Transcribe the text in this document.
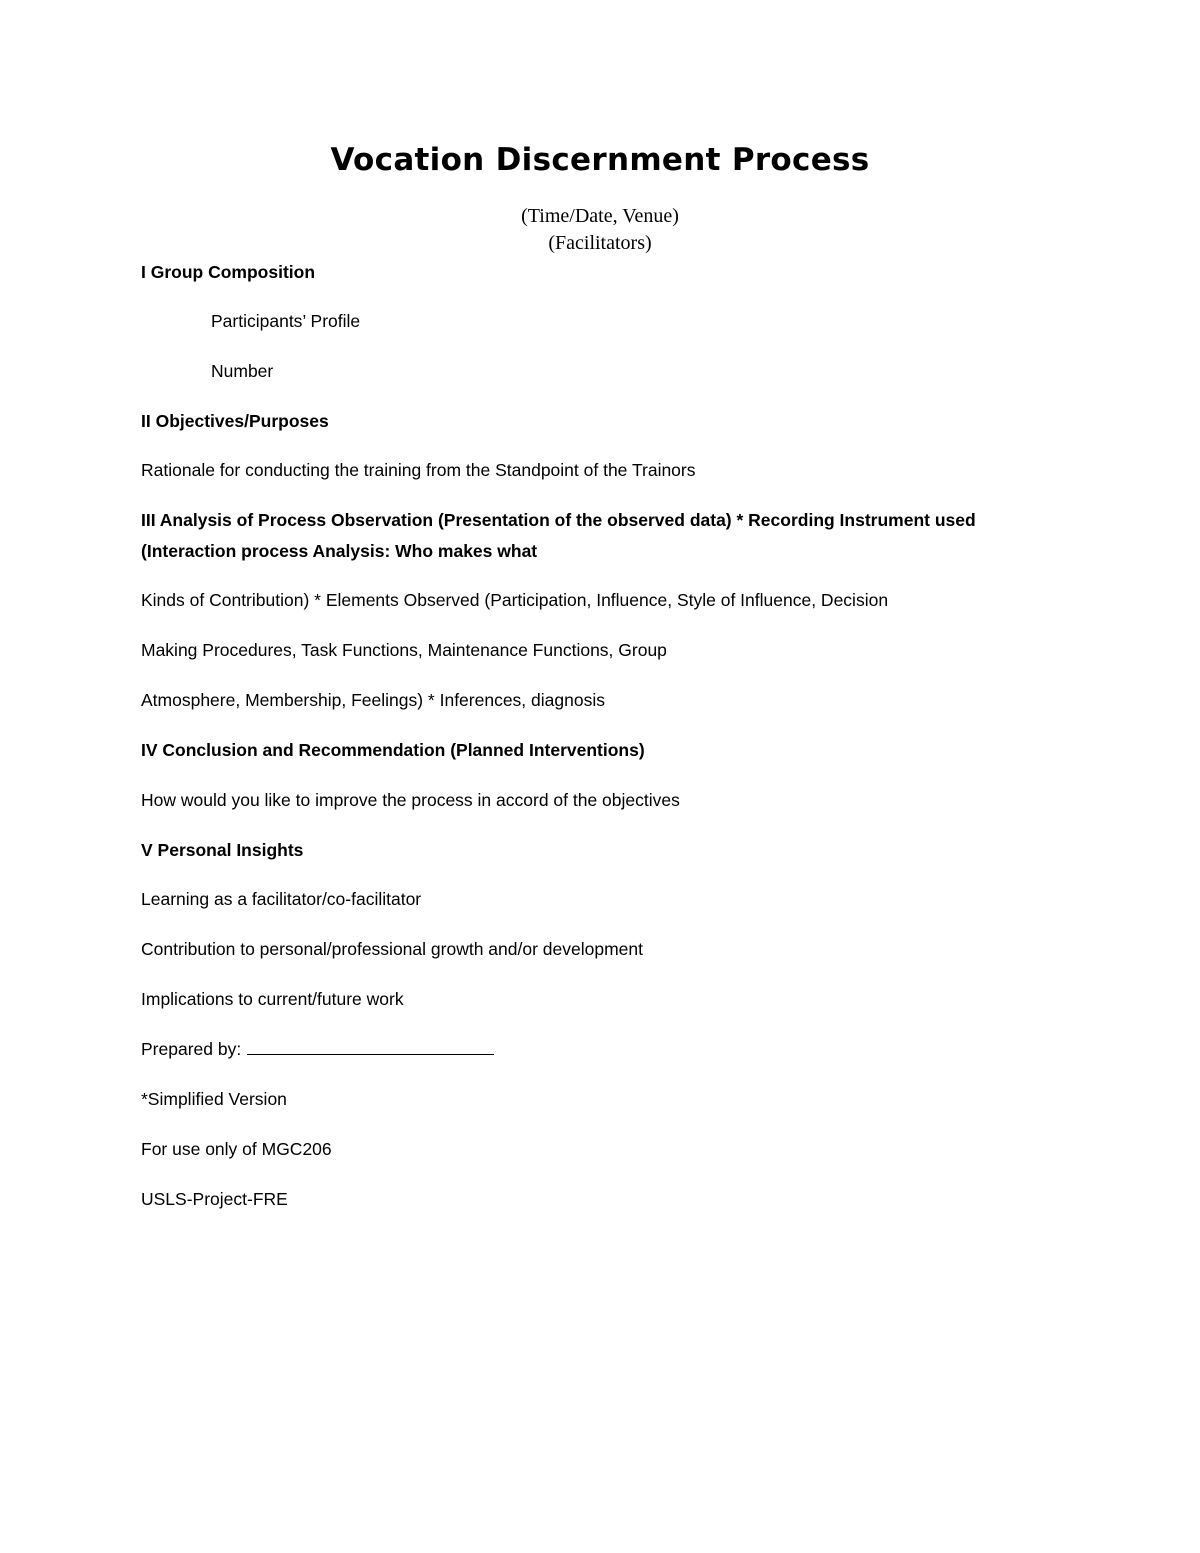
Vocation Discernment Process
(Time/Date, Venue)
(Facilitators)
I Group Composition
Participants’ Profile
Number
II Objectives/Purposes
Rationale for conducting the training from the Standpoint of the Trainors
III Analysis of Process Observation (Presentation of the observed data) * Recording Instrument used
(Interaction process Analysis: Who makes what
Kinds of Contribution) * Elements Observed (Participation, Influence, Style of Influence, Decision
Making Procedures, Task Functions, Maintenance Functions, Group
Atmosphere, Membership, Feelings) * Inferences, diagnosis
IV Conclusion and Recommendation (Planned Interventions)
How would you like to improve the process in accord of the objectives
V Personal Insights
Learning as a facilitator/co-facilitator
Contribution to personal/professional growth and/or development
Implications to current/future work
Prepared by:
*Simplified Version
For use only of MGC206
USLS-Project-FRE
